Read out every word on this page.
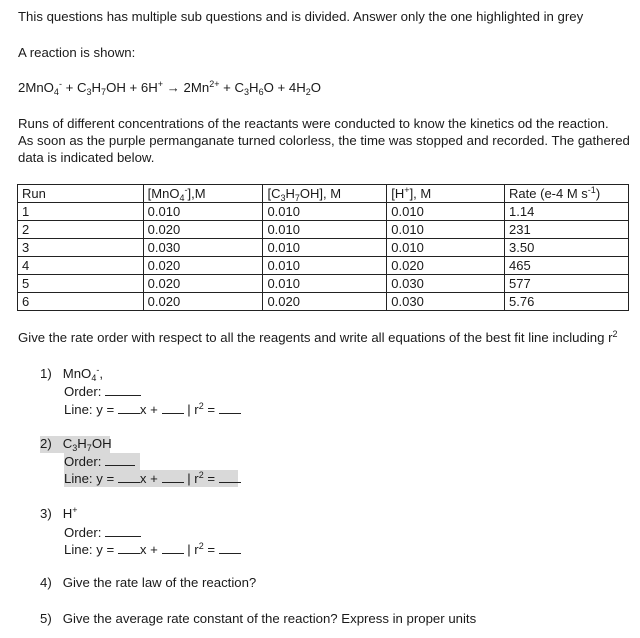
This questions has multiple sub questions and is divided. Answer only the one highlighted in grey
A reaction is shown:
$2MnO_4^- + C_3H_7OH + 6H^+ \to 2Mn^{2+} + C_3H_6O + 4H_2O$
Runs of different concentrations of the reactants were conducted to know the kinetics od the reaction.
As soon as the purple permanganate turned colorless, the time was stopped and recorded. The gathered
data is indicated below.
Run	[MnO$_4$-],M	$[C_3H_7OH]$, M	[H+], M	Rate (e-4 M $s^{-1}$)
1	0.010	0.010	0.010	1.14
2	0.020	0.010	0.010	231
3	0.030	0.010	0.010	3.50
4	0.020	0.010	0.020	465
5	0.020	0.010	0.030	577
6	0.020	0.020	0.030	5.76
Give the rate order with respect to all the reagents and write all equations of the best fit line including $r^2$
1)   MnO$_4$-,
Order:
Line: y = x + | $r^2$ =
2)   $C_3H_7OH$
Order:
Line: y = x + | $r^2$ =
3)   H+
Order:
Line: y = x + | $r^2$ =
4) Give the rate law of the reaction?
5) Give the average rate constant of the reaction? Express in proper units
